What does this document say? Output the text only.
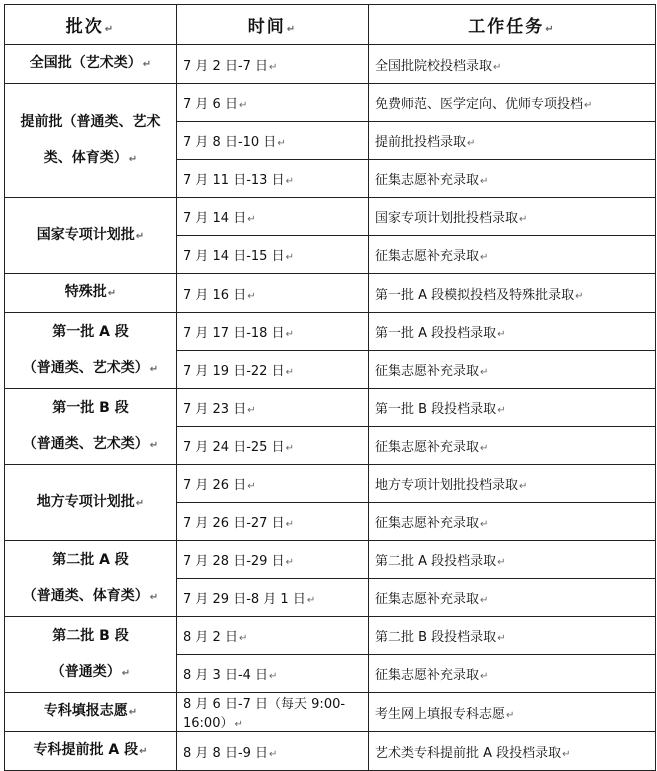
批次↵	时间↵	工作任务↵

全国批（艺术类）↵	7 月 2 日-7 日↵	全国批院校投档录取↵

提前批（普通类、艺术
类、体育类）↵	7 月 6 日↵	免费师范、医学定向、优师专项投档↵
	7 月 8 日-10 日↵	提前批投档录取↵
	7 月 11 日-13 日↵	征集志愿补充录取↵

国家专项计划批↵	7 月 14 日↵	国家专项计划批投档录取↵
	7 月 14 日-15 日↵	征集志愿补充录取↵

特殊批↵	7 月 16 日↵	第一批 A 段模拟投档及特殊批录取↵

第一批 A 段
（普通类、艺术类）↵	7 月 17 日-18 日↵	第一批 A 段投档录取↵
	7 月 19 日-22 日↵	征集志愿补充录取↵

第一批 B 段
（普通类、艺术类）↵	7 月 23 日↵	第一批 B 段投档录取↵
	7 月 24 日-25 日↵	征集志愿补充录取↵

地方专项计划批↵	7 月 26 日↵	地方专项计划批投档录取↵
	7 月 26 日-27 日↵	征集志愿补充录取↵

第二批 A 段
（普通类、体育类）↵	7 月 28 日-29 日↵	第二批 A 段投档录取↵
	7 月 29 日-8 月 1 日↵	征集志愿补充录取↵

第二批 B 段
（普通类）↵	8 月 2 日↵	第二批 B 段投档录取↵
	8 月 3 日-4 日↵	征集志愿补充录取↵

专科填报志愿↵	8 月 6 日-7 日（每天 9:00-16:00）↵	考生网上填报专科志愿↵

专科提前批 A 段↵	8 月 8 日-9 日↵	艺术类专科提前批 A 段投档录取↵
